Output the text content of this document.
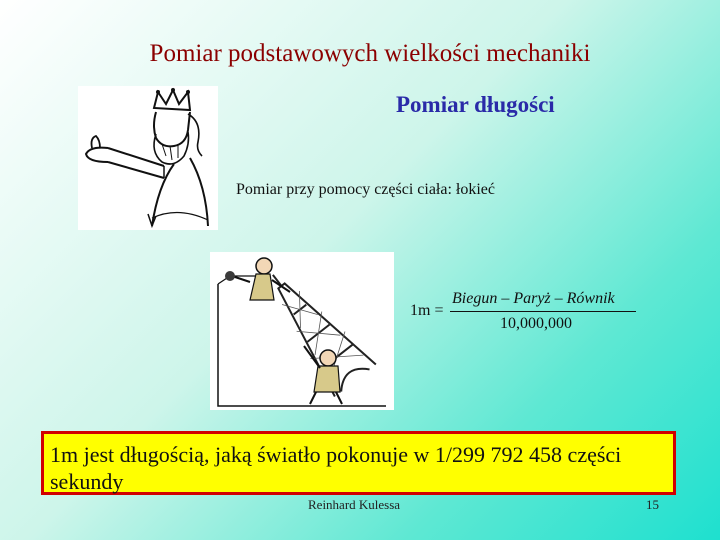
Pomiar podstawowych wielkości mechaniki
Pomiar długości
Pomiar przy pomocy części ciała: łokieć
1m =
Biegun – Paryż – Równik
10,000,000
1m jest długością, jaką światło pokonuje w 1/299 792 458 części sekundy
Reinhard Kulessa	15
